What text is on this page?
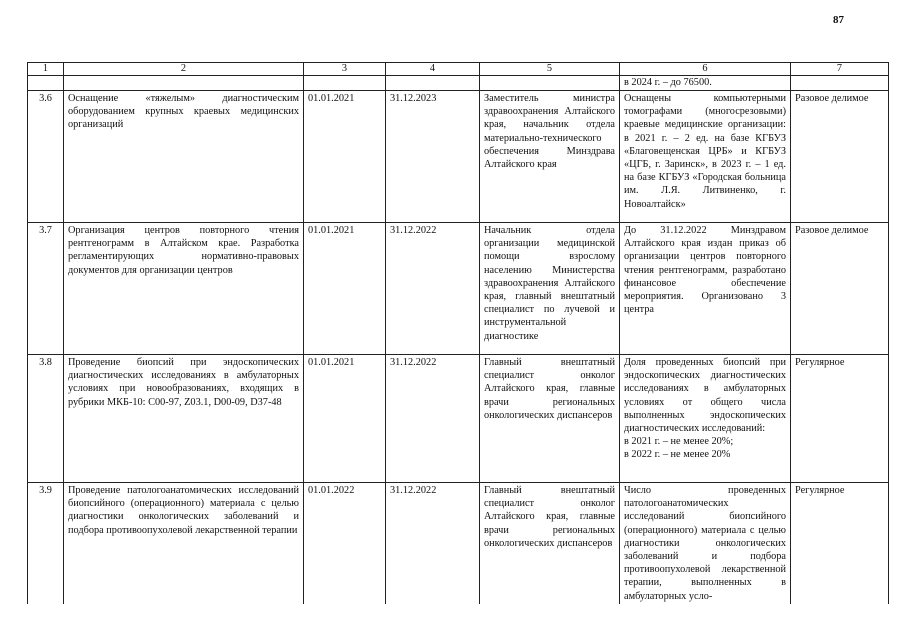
87
1	2	3	4	5	6	7
					в 2024 г. – до 76500.	
3.6	Оснащение «тяжелым» диагностическим оборудованием крупных краевых медицинских организаций	01.01.2021	31.12.2023	Заместитель министра здравоохранения Алтайского края, начальник отдела материально-технического обеспечения Минздрава Алтайского края	Оснащены компьютерными томографами (многосрезовыми) краевые медицинские организации: в 2021 г. – 2 ед. на базе КГБУЗ «Благовещенская ЦРБ» и КГБУЗ «ЦГБ, г. Заринск», в 2023 г. – 1 ед. на базе КГБУЗ «Городская больница им. Л.Я. Литвиненко, г. Новоалтайск»	Разовое делимое
3.7	Организация центров повторного чтения рентгенограмм в Алтайском крае. Разработка регламентирующих нормативно-правовых документов для организации центров	01.01.2021	31.12.2022	Начальник отдела организации медицинской помощи взрослому населению Министерства здравоохранения Алтайского края, главный внештатный специалист по лучевой и инструментальной диагностике	До 31.12.2022 Минздравом Алтайского края издан приказ об организации центров повторного чтения рентгенограмм, разработано финансовое обеспечение мероприятия. Организовано 3 центра	Разовое делимое
3.8	Проведение биопсий при эндоскопических диагностических исследованиях в амбулаторных условиях при новообразованиях, входящих в рубрики МКБ-10: С00-97, Z03.1, D00-09, D37-48	01.01.2021	31.12.2022	Главный внештатный специалист онколог Алтайского края, главные врачи региональных онкологических диспансеров	Доля проведенных биопсий при эндоскопических диагностических исследованиях в амбулаторных условиях от общего числа выполненных эндоскопических диагностических исследований:
в 2021 г. – не менее 20%;
в 2022 г. – не менее 20%	Регулярное
3.9	Проведение патологоанатомических исследований биопсийного (операционного) материала с целью диагностики онкологических заболеваний и подбора противоопухолевой лекарственной терапии	01.01.2022	31.12.2022	Главный внештатный специалист онколог Алтайского края, главные врачи региональных онкологических диспансеров	Число проведенных патологоанатомических исследований биопсийного (операционного) материала с целью диагностики онкологических заболеваний и подбора противоопухолевой лекарственной терапии, выполненных в амбулаторных усло-	Регулярное
